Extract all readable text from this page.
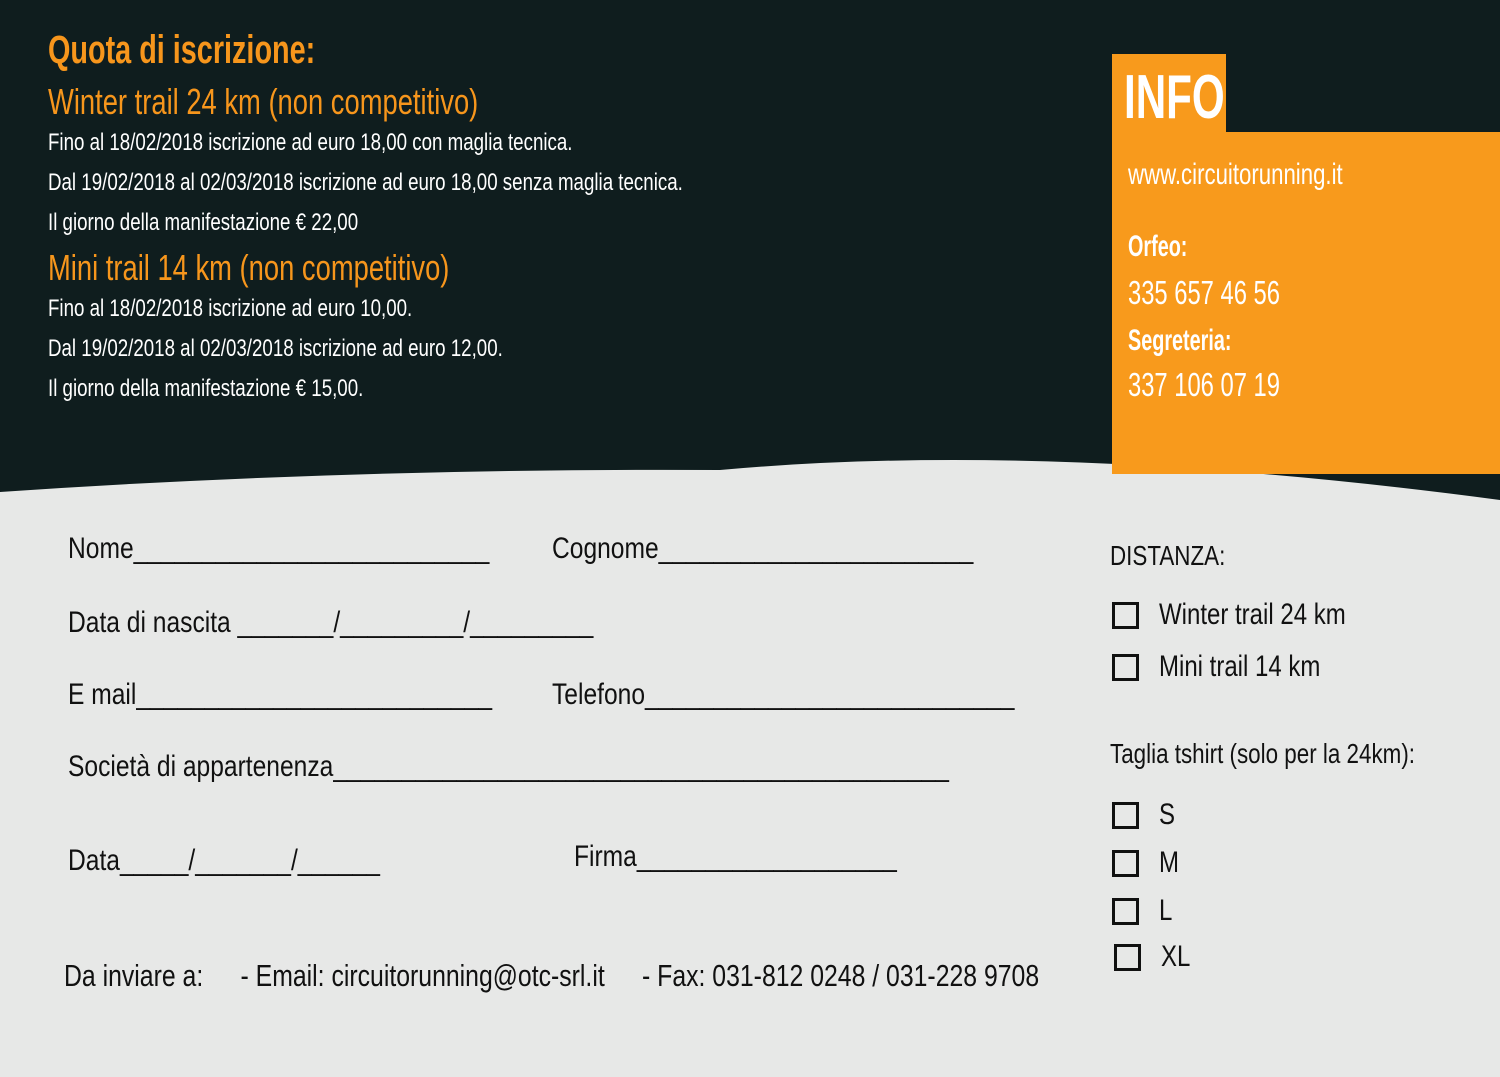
Quota di iscrizione:
Winter trail 24 km (non competitivo)
Fino al 18/02/2018 iscrizione ad euro 18,00 con maglia tecnica.
Dal 19/02/2018 al 02/03/2018 iscrizione ad euro 18,00 senza maglia tecnica.
Il giorno della manifestazione € 22,00
Mini trail 14 km (non competitivo)
Fino al 18/02/2018 iscrizione ad euro 10,00.
Dal 19/02/2018 al 02/03/2018 iscrizione ad euro 12,00.
Il giorno della manifestazione € 15,00.
INFO
www.circuitorunning.it
Orfeo:
335 657 46 56
Segreteria:
337 106 07 19
Nome__________________________ Cognome_______________________
Data di nascita _______/_________/_________
E mail__________________________ Telefono___________________________
Società di appartenenza_____________________________________________
Data_____/_______/______	Firma___________________
DISTANZA:
Winter trail 24 km
Mini trail 14 km
Taglia tshirt (solo per la 24km):
S
M
L
XL
Da inviare a: - Email: circuitorunning@otc-srl.it - Fax: 031-812 0248 / 031-228 9708
